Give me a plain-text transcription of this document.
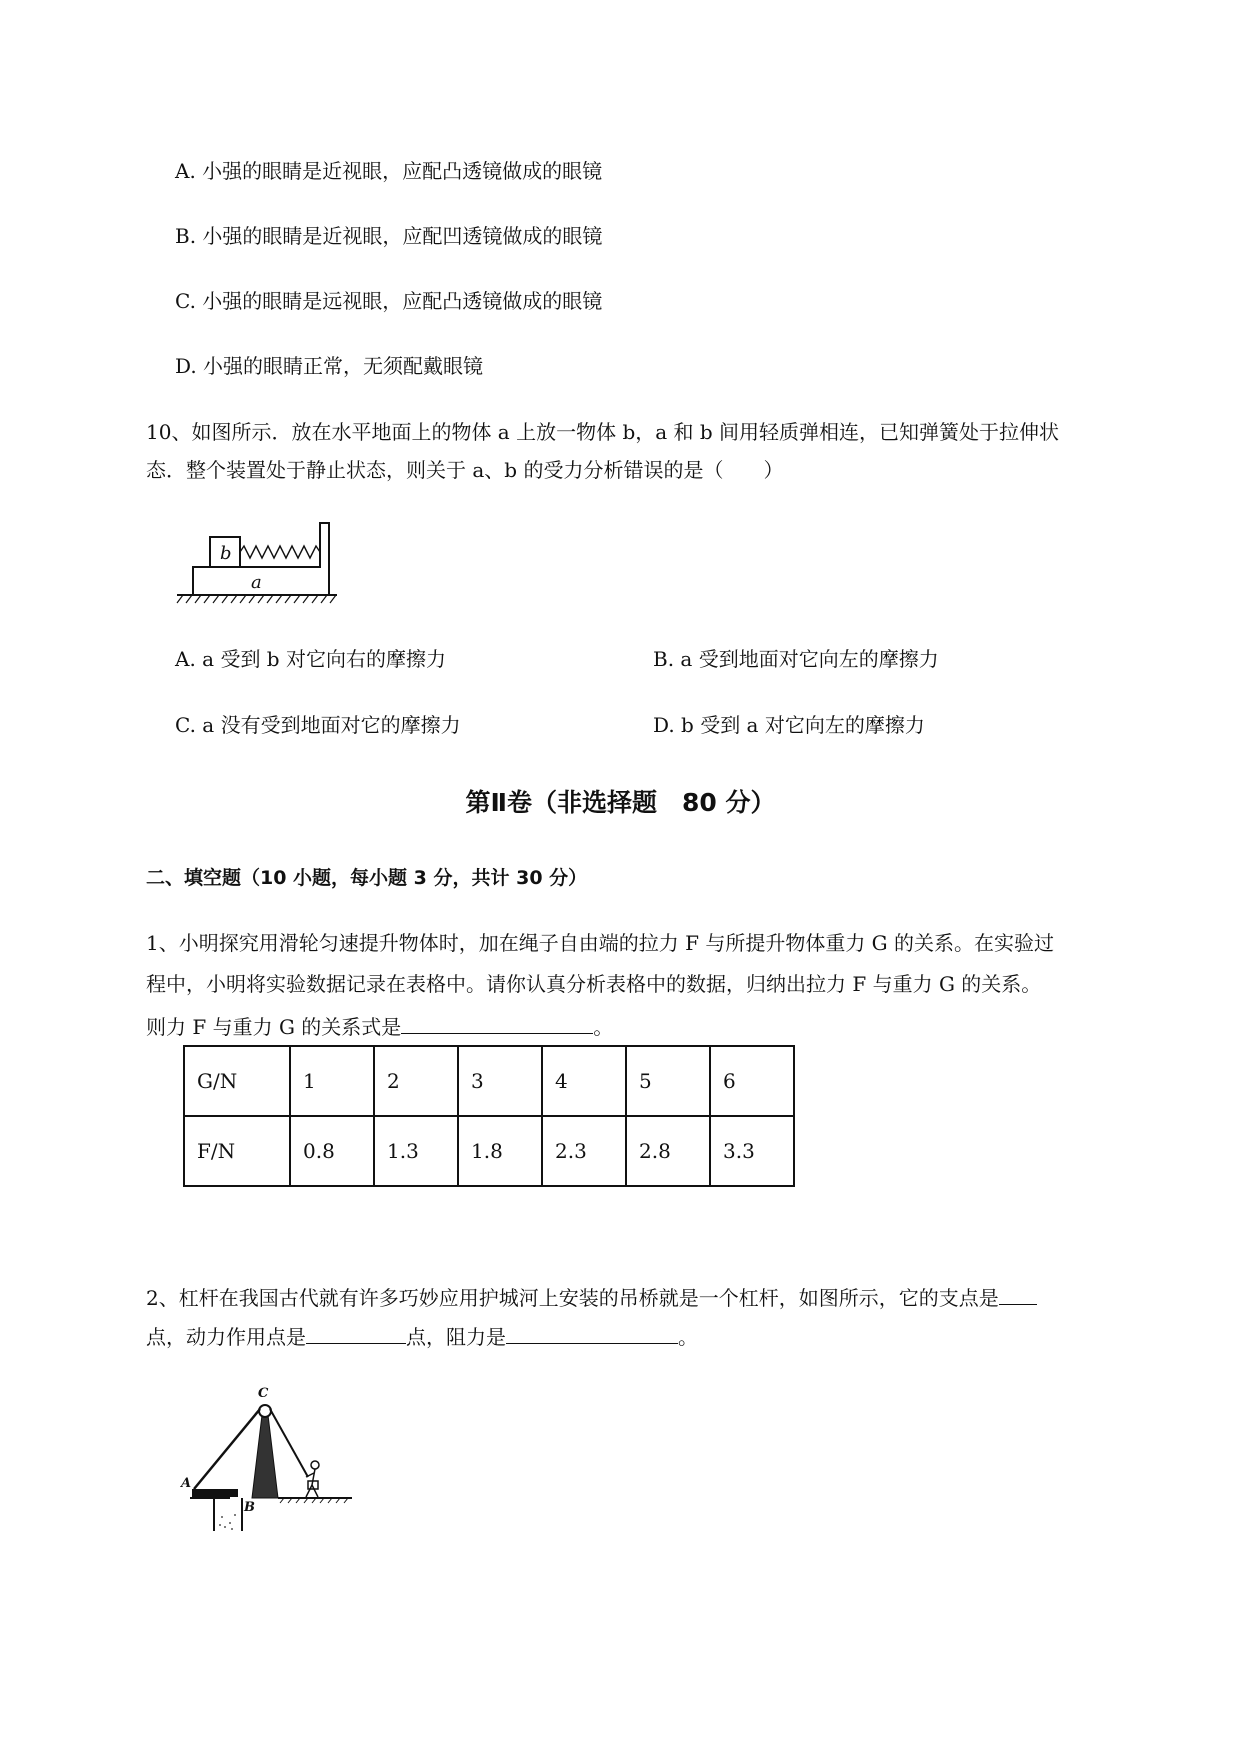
A. 小强的眼睛是近视眼，应配凸透镜做成的眼镜
B. 小强的眼睛是近视眼，应配凹透镜做成的眼镜
C. 小强的眼睛是远视眼，应配凸透镜做成的眼镜
D. 小强的眼睛正常，无须配戴眼镜
10、如图所示．放在水平地面上的物体 a 上放一物体 b，a 和 b 间用轻质弹相连，已知弹簧处于拉伸状
态．整个装置处于静止状态，则关于 a、b 的受力分析错误的是（　　）
b
a
A. a 受到 b 对它向右的摩擦力	B. a 受到地面对它向左的摩擦力
C. a 没有受到地面对它的摩擦力	D. b 受到 a 对它向左的摩擦力
第Ⅱ卷（非选择题　80 分）
二、填空题（10 小题，每小题 3 分，共计 30 分）
1、小明探究用滑轮匀速提升物体时，加在绳子自由端的拉力 F 与所提升物体重力 G 的关系。在实验过
程中，小明将实验数据记录在表格中。请你认真分析表格中的数据，归纳出拉力 F 与重力 G 的关系。
则力 F 与重力 G 的关系式是	。
G/N	1	2	3	4	5	6
F/N	0.8	1.3	1.8	2.3	2.8	3.3
2、杠杆在我国古代就有许多巧妙应用护城河上安装的吊桥就是一个杠杆，如图所示，它的支点是
点，动力作用点是	点，阻力是	。
C
A
B
